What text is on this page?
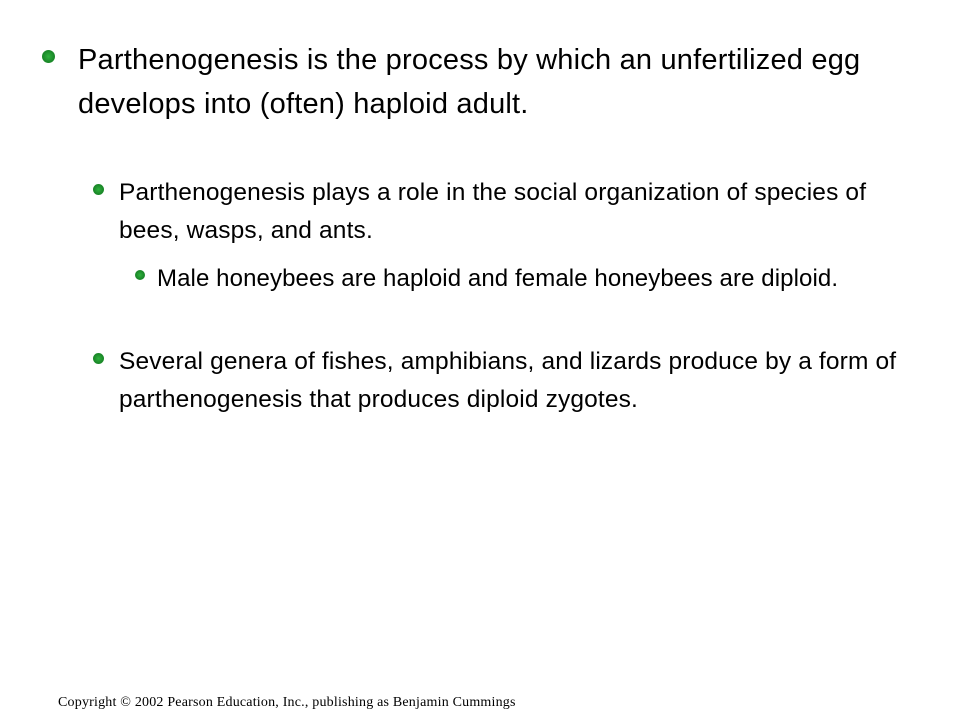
Parthenogenesis is the process by which an unfertilized egg develops into (often) haploid adult.
Parthenogenesis plays a role in the social organization of species of bees, wasps, and ants.
Male honeybees are haploid and female honeybees are diploid.
Several genera of fishes, amphibians, and lizards produce by a form of parthenogenesis that produces diploid zygotes.
Copyright © 2002 Pearson Education, Inc., publishing as Benjamin Cummings
